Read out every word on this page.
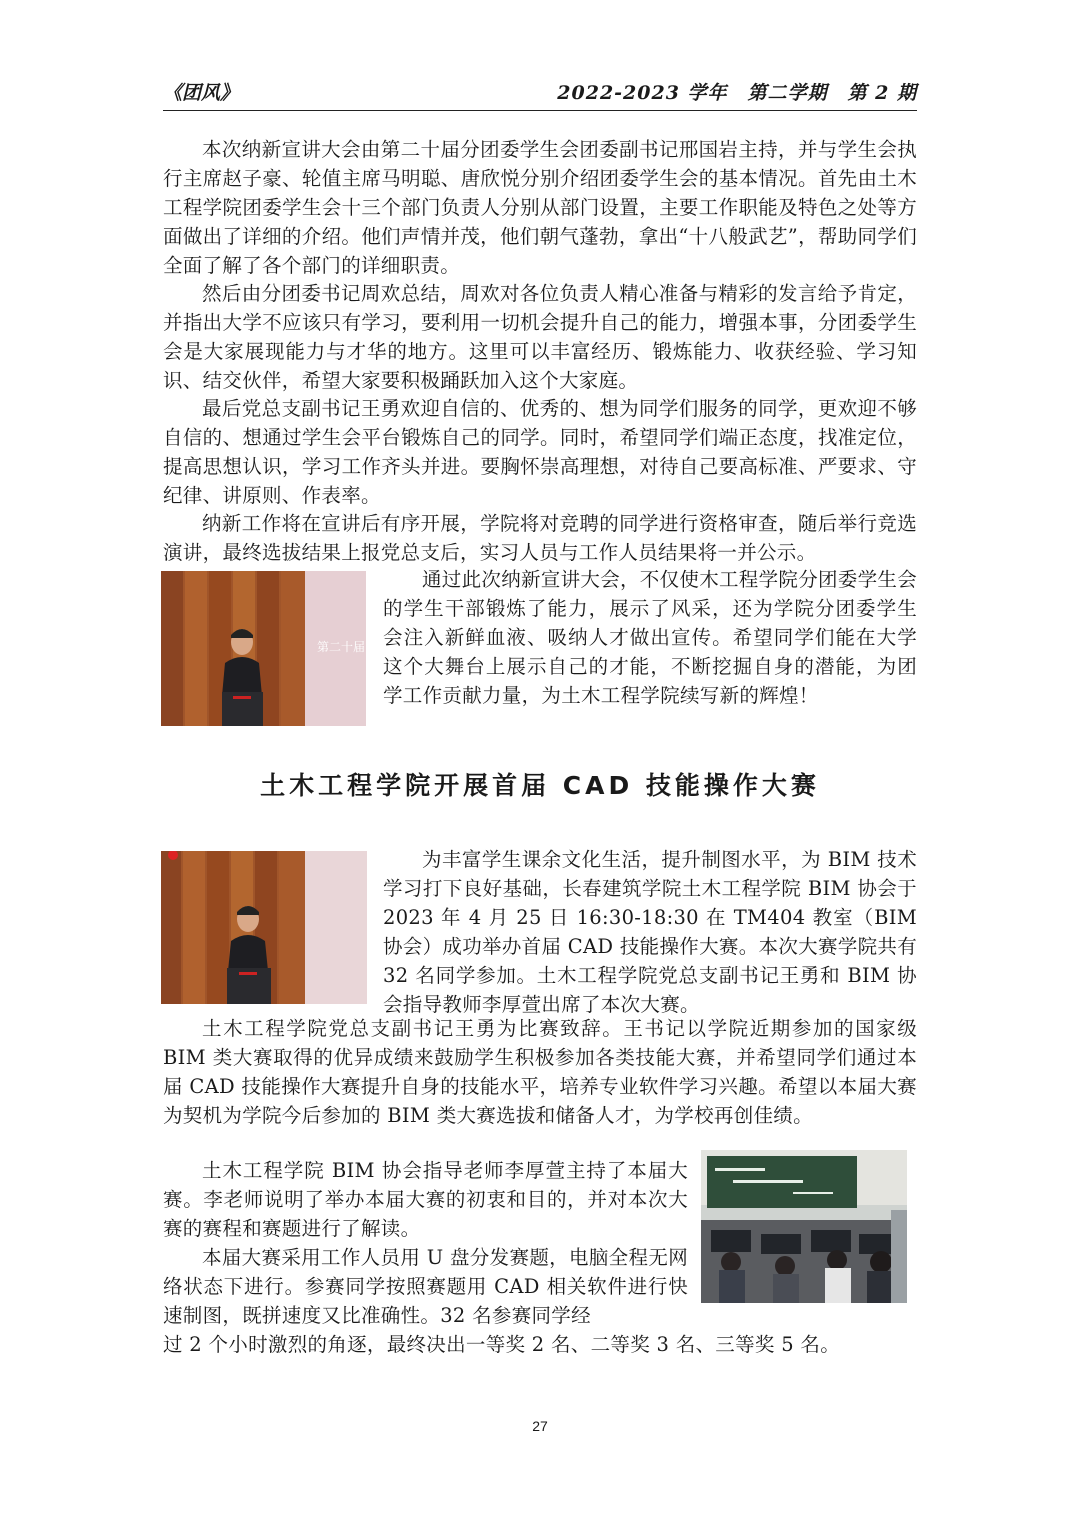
《团风》	2022-2023 学年　第二学期　第 2 期

本次纳新宣讲大会由第二十届分团委学生会团委副书记邢国岩主持，并与学生会执行主席赵子豪、轮值主席马明聪、唐欣悦分别介绍团委学生会的基本情况。首先由土木工程学院团委学生会十三个部门负责人分别从部门设置，主要工作职能及特色之处等方面做出了详细的介绍。他们声情并茂，他们朝气蓬勃，拿出“十八般武艺”，帮助同学们全面了解了各个部门的详细职责。

然后由分团委书记周欢总结，周欢对各位负责人精心准备与精彩的发言给予肯定，并指出大学不应该只有学习，要利用一切机会提升自己的能力，增强本事，分团委学生会是大家展现能力与才华的地方。这里可以丰富经历、锻炼能力、收获经验、学习知识、结交伙伴，希望大家要积极踊跃加入这个大家庭。

最后党总支副书记王勇欢迎自信的、优秀的、想为同学们服务的同学，更欢迎不够自信的、想通过学生会平台锻炼自己的同学。同时，希望同学们端正态度，找准定位，提高思想认识，学习工作齐头并进。要胸怀崇高理想，对待自己要高标准、严要求、守纪律、讲原则、作表率。

纳新工作将在宣讲后有序开展，学院将对竞聘的同学进行资格审查，随后举行竞选演讲，最终选拔结果上报党总支后，实习人员与工作人员结果将一并公示。

第二十届

通过此次纳新宣讲大会，不仅使木工程学院分团委学生会的学生干部锻炼了能力，展示了风采，还为学院分团委学生会注入新鲜血液、吸纳人才做出宣传。希望同学们能在大学这个大舞台上展示自己的才能，不断挖掘自身的潜能，为团学工作贡献力量，为土木工程学院续写新的辉煌！

土木工程学院开展首届 CAD 技能操作大赛

为丰富学生课余文化生活，提升制图水平，为 BIM 技术学习打下良好基础，长春建筑学院土木工程学院 BIM 协会于 2023 年 4 月 25 日 16:30-18:30 在 TM404 教室（BIM 协会）成功举办首届 CAD 技能操作大赛。本次大赛学院共有 32 名同学参加。土木工程学院党总支副书记王勇和 BIM 协会指导教师李厚萱出席了本次大赛。

土木工程学院党总支副书记王勇为比赛致辞。王书记以学院近期参加的国家级 BIM 类大赛取得的优异成绩来鼓励学生积极参加各类技能大赛，并希望同学们通过本届 CAD 技能操作大赛提升自身的技能水平，培养专业软件学习兴趣。希望以本届大赛为契机为学院今后参加的 BIM 类大赛选拔和储备人才，为学校再创佳绩。

土木工程学院 BIM 协会指导老师李厚萱主持了本届大赛。李老师说明了举办本届大赛的初衷和目的，并对本次大赛的赛程和赛题进行了解读。

本届大赛采用工作人员用 U 盘分发赛题，电脑全程无网络状态下进行。参赛同学按照赛题用 CAD 相关软件进行快速制图，既拼速度又比准确性。32 名参赛同学经

过 2 个小时激烈的角逐，最终决出一等奖 2 名、二等奖 3 名、三等奖 5 名。

27
